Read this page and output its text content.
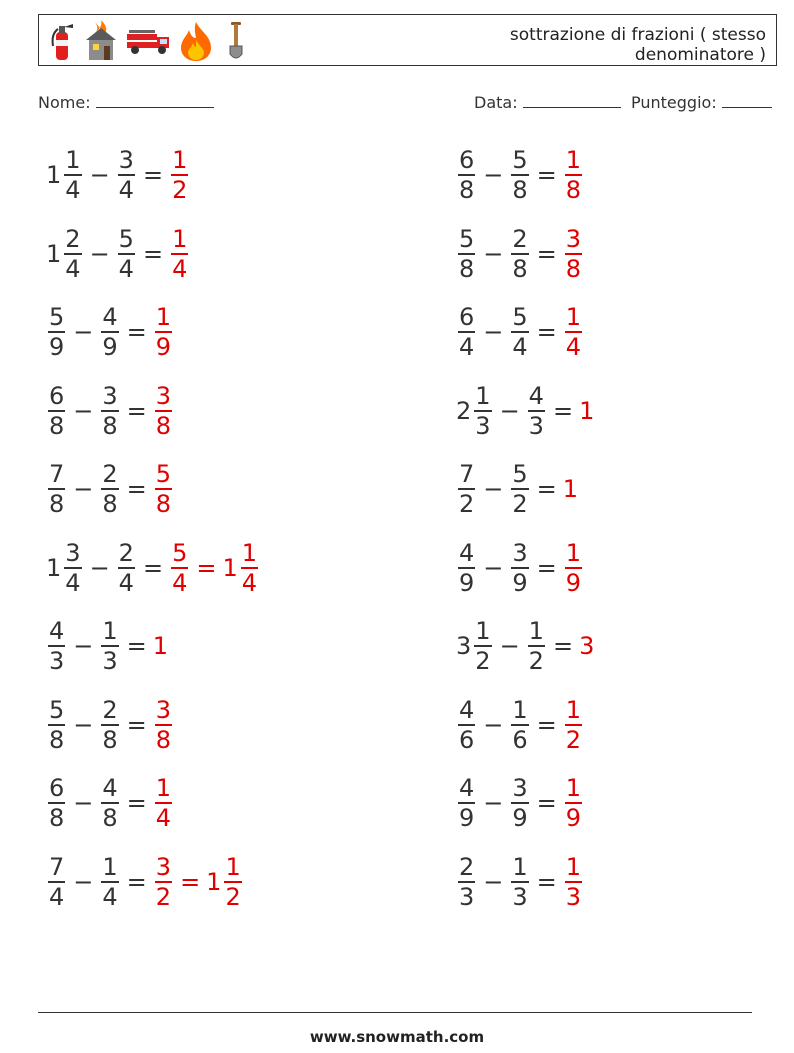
sottrazione di frazioni ( stesso denominatore )
Nome:	Data:	Punteggio:
$1 \frac{1}{4} - \frac{3}{4} = \frac{1}{2}$	$\frac{6}{8} - \frac{5}{8} = \frac{1}{8}$
$1 \frac{2}{4} - \frac{5}{4} = \frac{1}{4}$	$\frac{5}{8} - \frac{2}{8} = \frac{3}{8}$
$\frac{5}{9} - \frac{4}{9} = \frac{1}{9}$	$\frac{6}{4} - \frac{5}{4} = \frac{1}{4}$
$\frac{6}{8} - \frac{3}{8} = \frac{3}{8}$	$2 \frac{1}{3} - \frac{4}{3} = 1$
$\frac{7}{8} - \frac{2}{8} = \frac{5}{8}$	$\frac{7}{2} - \frac{5}{2} = 1$
$1 \frac{3}{4} - \frac{2}{4} = \frac{5}{4} = 1 \frac{1}{4}$	$\frac{4}{9} - \frac{3}{9} = \frac{1}{9}$
$\frac{4}{3} - \frac{1}{3} = 1$	$3 \frac{1}{2} - \frac{1}{2} = 3$
$\frac{5}{8} - \frac{2}{8} = \frac{3}{8}$	$\frac{4}{6} - \frac{1}{6} = \frac{1}{2}$
$\frac{6}{8} - \frac{4}{8} = \frac{1}{4}$	$\frac{4}{9} - \frac{3}{9} = \frac{1}{9}$
$\frac{7}{4} - \frac{1}{4} = \frac{3}{2} = 1 \frac{1}{2}$	$\frac{2}{3} - \frac{1}{3} = \frac{1}{3}$
www.snowmath.com
